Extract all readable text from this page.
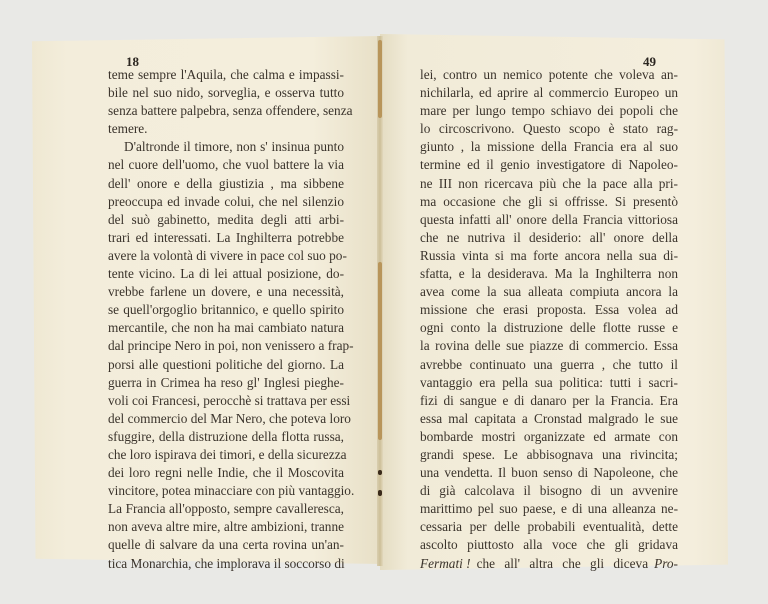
18	49
teme sempre l'Aquila, che calma e impassi-
bile nel suo nido, sorveglia, e osserva tutto
senza battere palpebra, senza offendere, senza
temere.
D'altronde il timore, non s' insinua punto
nel cuore dell'uomo, che vuol battere la via
dell' onore e della giustizia , ma sibbene
preoccupa ed invade colui, che nel silenzio
del suò gabinetto, medita degli atti arbi-
trari ed interessati. La Inghilterra potrebbe
avere la volontà di vivere in pace col suo po-
tente vicino. La di lei attual posizione, do-
vrebbe farlene un dovere, e una necessità,
se quell'orgoglio britannico, e quello spirito
mercantile, che non ha mai cambiato natura
dal principe Nero in poi, non venissero a frap-
porsi alle questioni politiche del giorno. La
guerra in Crimea ha reso gl' Inglesi pieghe-
voli coi Francesi, perocchè si trattava per essi
del commercio del Mar Nero, che poteva loro
sfuggire, della distruzione della flotta russa,
che loro ispirava dei timori, e della sicurezza
dei loro regni nelle Indie, che il Moscovita
vincitore, potea minacciare con più vantaggio.
La Francia all'opposto, sempre cavalleresca,
non aveva altre mire, altre ambizioni, tranne
quelle di salvare da una certa rovina un'an-
tica Monarchia, che implorava il soccorso di
lei, contro un nemico potente che voleva an-
nichilarla, ed aprire al commercio Europeo un
mare per lungo tempo schiavo dei popoli che
lo circoscrivono. Questo scopo è stato rag-
giunto , la missione della Francia era al suo
termine ed il genio investigatore di Napoleo-
ne III non ricercava più che la pace alla pri-
ma occasione che gli si offrisse. Si presentò
questa infatti all' onore della Francia vittoriosa
che ne nutriva il desiderio: all' onore della
Russia vinta si ma forte ancora nella sua di-
sfatta, e la desiderava. Ma la Inghilterra non
avea come la sua alleata compiuta ancora la
missione che erasi proposta. Essa volea ad
ogni conto la distruzione delle flotte russe e
la rovina delle sue piazze di commercio. Essa
avrebbe continuato una guerra , che tutto il
vantaggio era pella sua politica: tutti i sacri-
fizi di sangue e di danaro per la Francia. Era
essa mal capitata a Cronstad malgrado le sue
bombarde mostri organizzate ed armate con
grandi spese. Le abbisognava una rivincita;
una vendetta. Il buon senso di Napoleone, che
di già calcolava il bisogno di un avvenire
marittimo pel suo paese, e di una alleanza ne-
cessaria per delle probabili eventualità, dette
ascolto piuttosto alla voce che gli gridava
Fermati ! che all' altra che gli diceva Pro-
